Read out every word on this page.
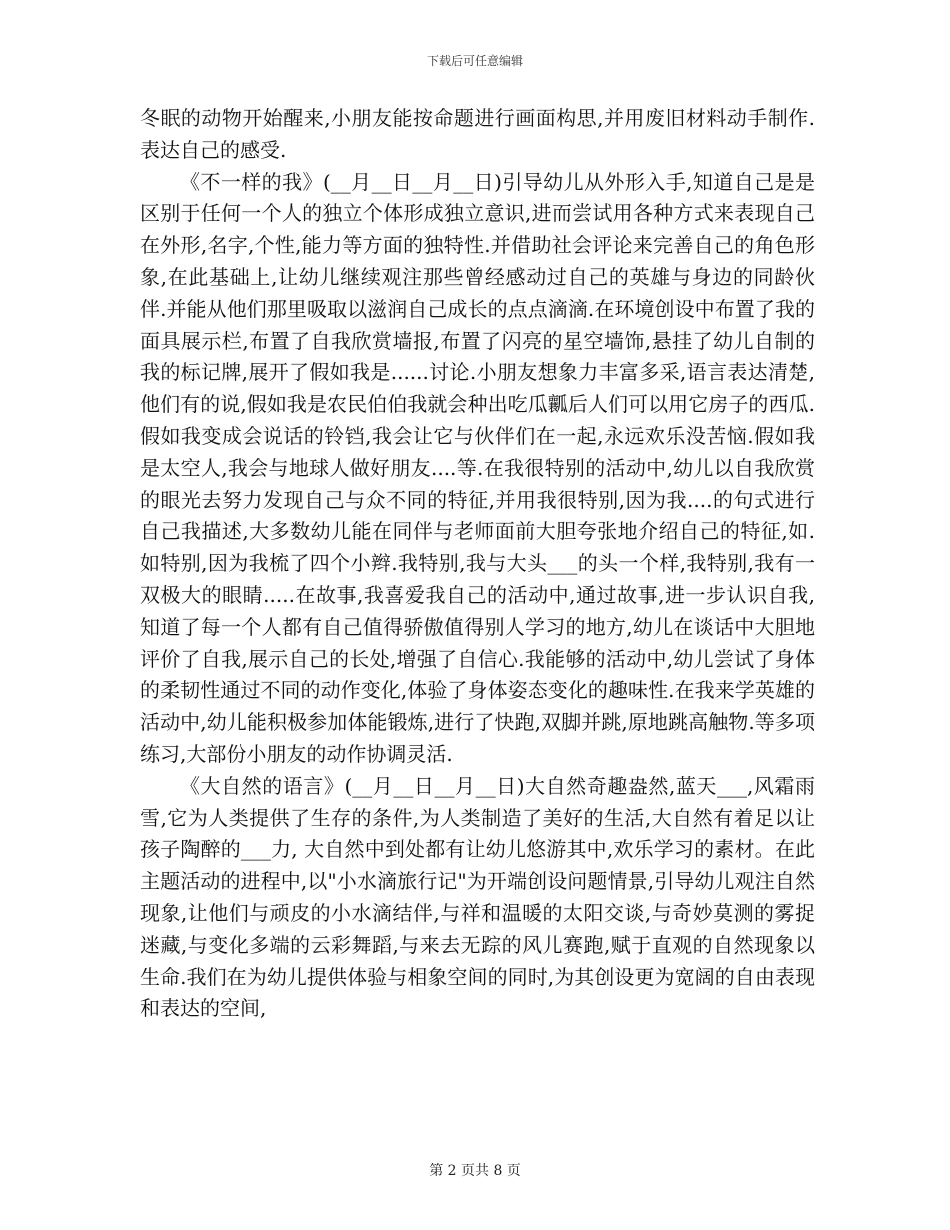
下载后可任意编辑

冬眠的动物开始醒来,小朋友能按命题进行画面构思,并用废旧材料动手制作.表达自己的感受.

《不一样的我》(__月__日__月__日)引导幼儿从外形入手,知道自己是是区别于任何一个人的独立个体形成独立意识,进而尝试用各种方式来表现自己在外形,名字,个性,能力等方面的独特性.并借助社会评论来完善自己的角色形象,在此基础上,让幼儿继续观注那些曾经感动过自己的英雄与身边的同龄伙伴.并能从他们那里吸取以滋润自己成长的点点滴滴.在环境创设中布置了我的面具展示栏,布置了自我欣赏墙报,布置了闪亮的星空墙饰,悬挂了幼儿自制的我的标记牌,展开了假如我是......讨论.小朋友想象力丰富多采,语言表达清楚,他们有的说,假如我是农民伯伯我就会种出吃瓜瓤后人们可以用它房子的西瓜.假如我变成会说话的铃铛,我会让它与伙伴们在一起,永远欢乐没苦恼.假如我是太空人,我会与地球人做好朋友....等.在我很特别的活动中,幼儿以自我欣赏的眼光去努力发现自己与众不同的特征,并用我很特别,因为我....的句式进行自己我描述,大多数幼儿能在同伴与老师面前大胆夸张地介绍自己的特征,如.如特别,因为我梳了四个小辫.我特别,我与大头___的头一个样,我特别,我有一双极大的眼睛.....在故事,我喜爱我自己的活动中,通过故事,进一步认识自我,知道了每一个人都有自己值得骄傲值得别人学习的地方,幼儿在谈话中大胆地评价了自我,展示自己的长处,增强了自信心.我能够的活动中,幼儿尝试了身体的柔韧性通过不同的动作变化,体验了身体姿态变化的趣味性.在我来学英雄的活动中,幼儿能积极参加体能锻炼,进行了快跑,双脚并跳,原地跳高触物.等多项练习,大部份小朋友的动作协调灵活.

《大自然的语言》(__月__日__月__日)大自然奇趣盎然,蓝天___,风霜雨雪,它为人类提供了生存的条件,为人类制造了美好的生活,大自然有着足以让孩子陶醉的___力, 大自然中到处都有让幼儿悠游其中,欢乐学习的素材。在此主题活动的进程中,以"小水滴旅行记"为开端创设问题情景,引导幼儿观注自然现象,让他们与顽皮的小水滴结伴,与祥和温暖的太阳交谈,与奇妙莫测的雾捉迷藏,与变化多端的云彩舞蹈,与来去无踪的风儿赛跑,赋于直观的自然现象以生命.我们在为幼儿提供体验与相象空间的同时,为其创设更为宽阔的自由表现和表达的空间,

第 2 页共 8 页
